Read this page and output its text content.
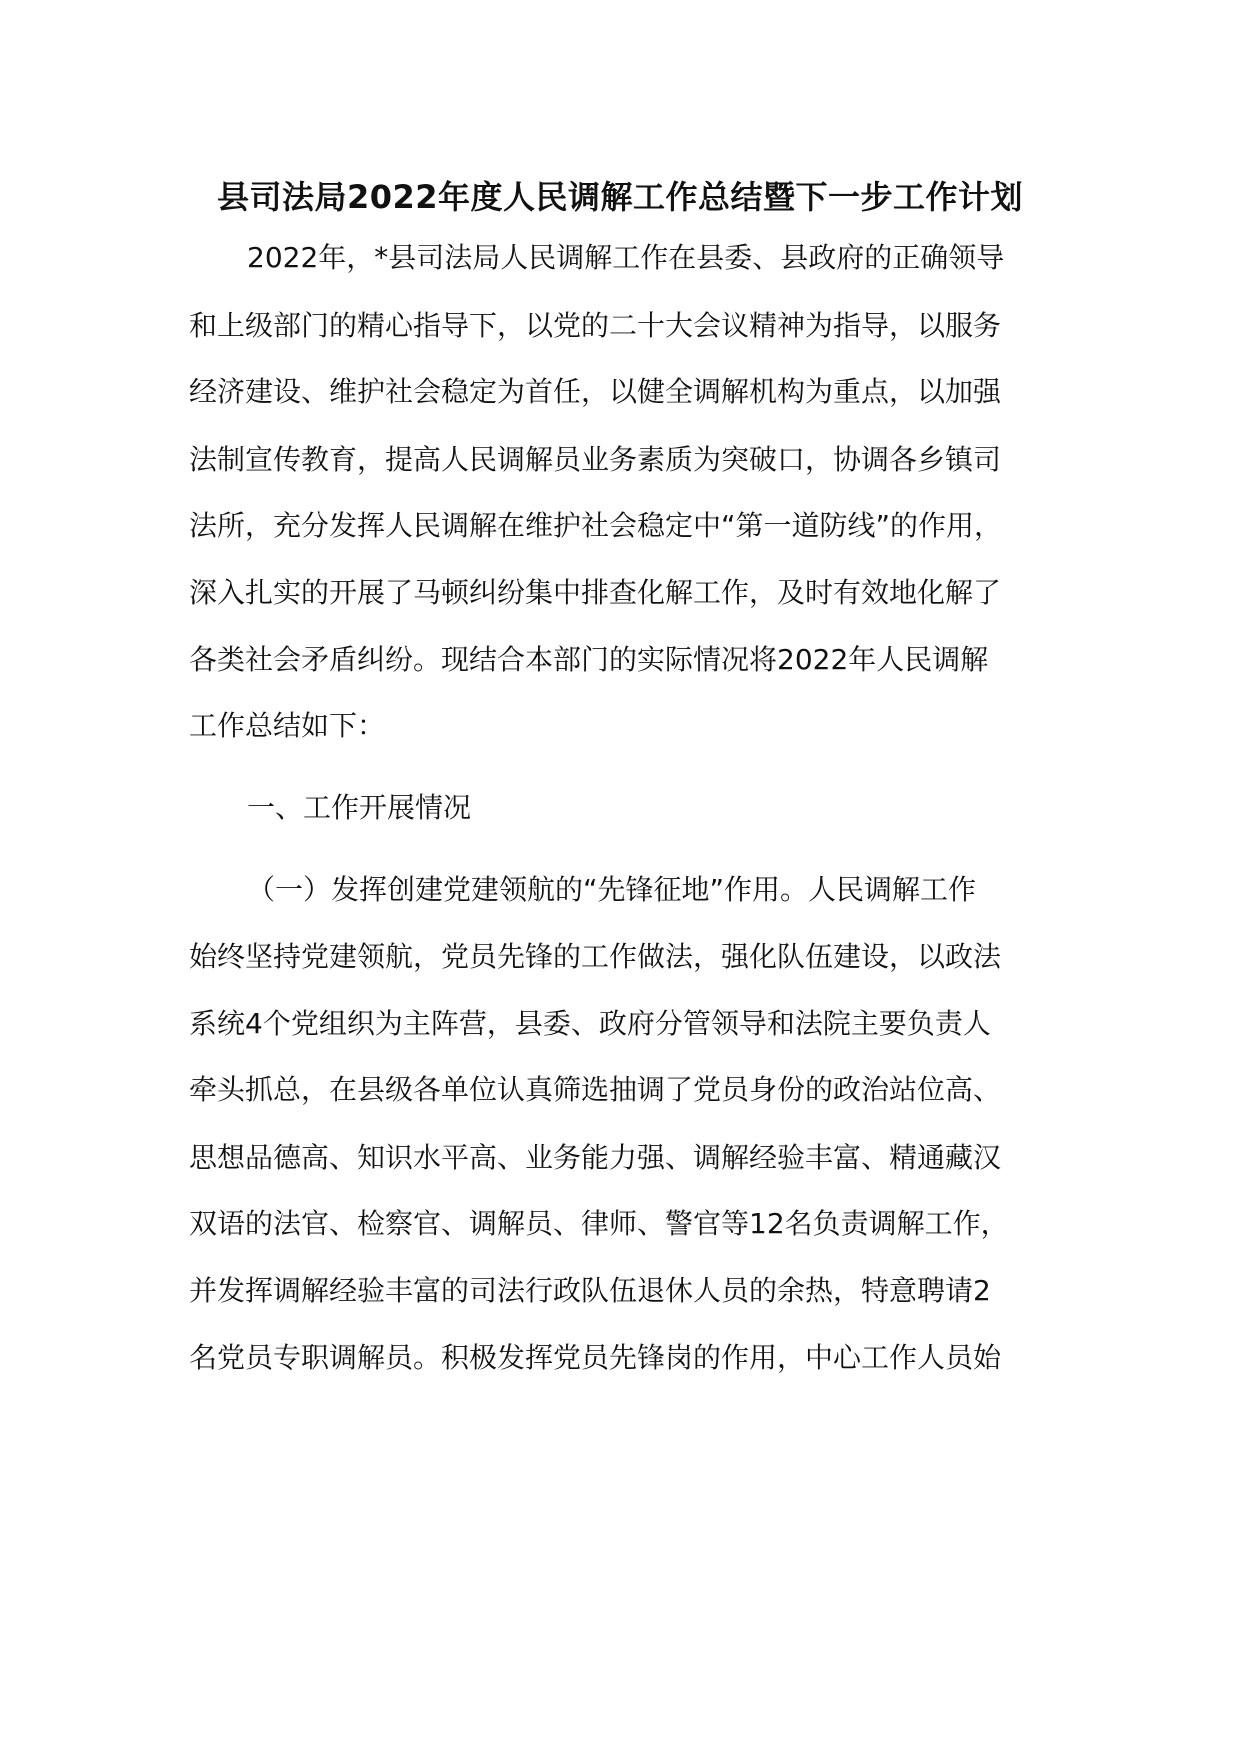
县司法局2022年度人民调解工作总结暨下一步工作计划

2022年，*县司法局人民调解工作在县委、县政府的正确领导

和上级部门的精心指导下，以党的二十大会议精神为指导，以服务

经济建设、维护社会稳定为首任，以健全调解机构为重点，以加强

法制宣传教育，提高人民调解员业务素质为突破口，协调各乡镇司

法所，充分发挥人民调解在维护社会稳定中“第一道防线”的作用，

深入扎实的开展了马顿纠纷集中排查化解工作，及时有效地化解了

各类社会矛盾纠纷。现结合本部门的实际情况将2022年人民调解

工作总结如下：

一、工作开展情况

（一）发挥创建党建领航的“先锋征地”作用。人民调解工作

始终坚持党建领航，党员先锋的工作做法，强化队伍建设，以政法

系统4个党组织为主阵营，县委、政府分管领导和法院主要负责人

牵头抓总，在县级各单位认真筛选抽调了党员身份的政治站位高、

思想品德高、知识水平高、业务能力强、调解经验丰富、精通藏汉

双语的法官、检察官、调解员、律师、警官等12名负责调解工作，

并发挥调解经验丰富的司法行政队伍退休人员的余热，特意聘请2

名党员专职调解员。积极发挥党员先锋岗的作用，中心工作人员始
